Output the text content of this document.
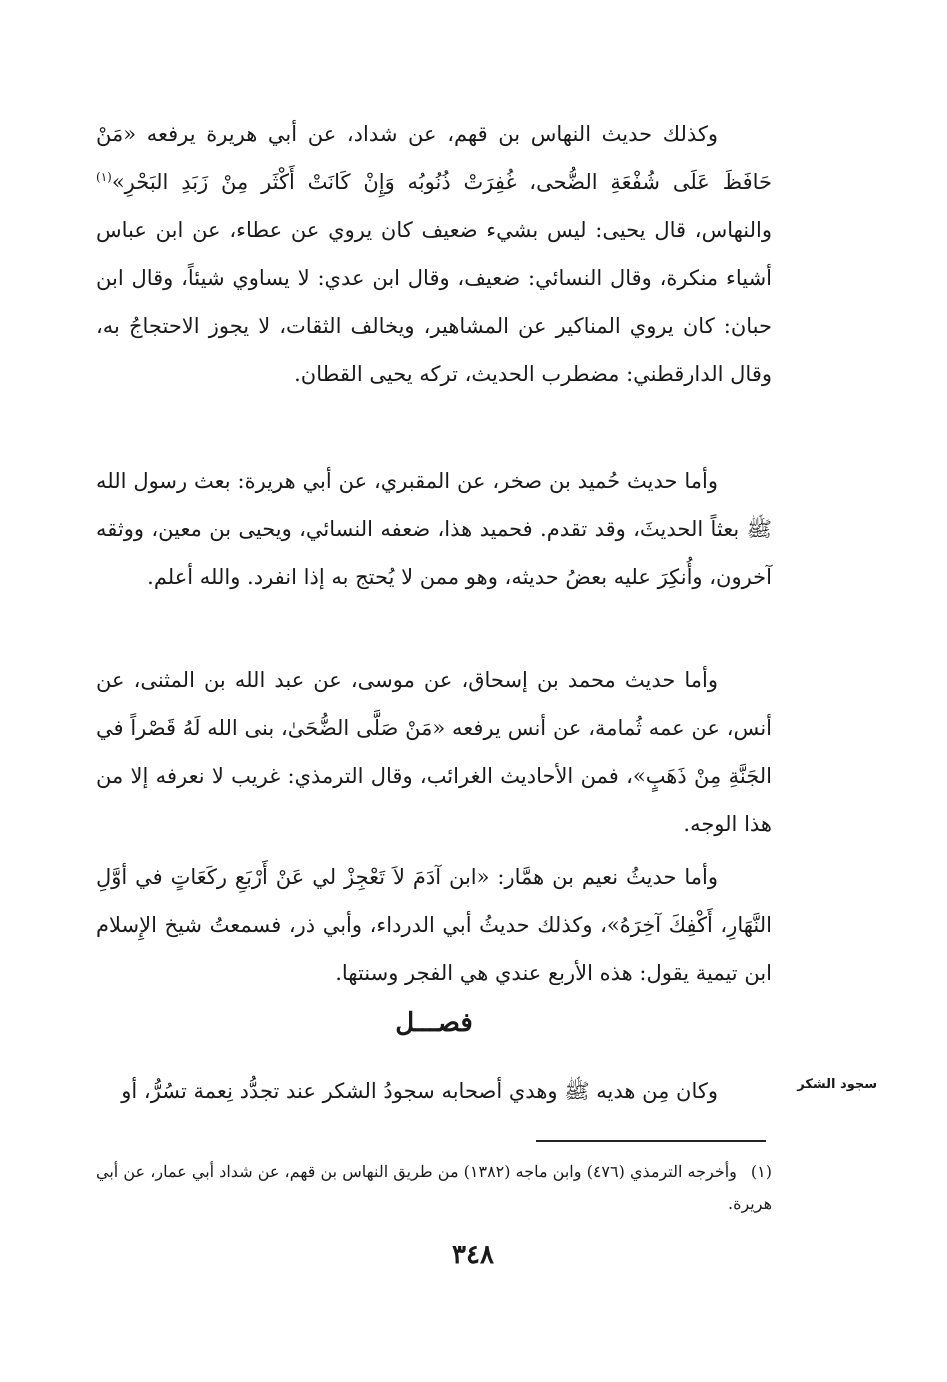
وكذلك حديث النهاس بن قهم، عن شداد، عن أبي هريرة يرفعه «مَنْ حَافَظَ عَلَى شُفْعَةِ الضُّحى، غُفِرَتْ ذُنُوبُه وَإِنْ كَانَتْ أَكْثَر مِنْ زَبَدِ البَحْرِ»$^{(١)}$ والنهاس، قال يحيى: ليس بشيء ضعيف كان يروي عن عطاء، عن ابن عباس أشياء منكرة، وقال النسائي: ضعيف، وقال ابن عدي: لا يساوي شيئاً، وقال ابن حبان: كان يروي المناكير عن المشاهير، ويخالف الثقات، لا يجوز الاحتجاجُ به، وقال الدارقطني: مضطرب الحديث، تركه يحيى القطان.

وأما حديث حُميد بن صخر، عن المقبري، عن أبي هريرة: بعث رسول الله ﷺ بعثاً الحديثَ، وقد تقدم. فحميد هذا، ضعفه النسائي، ويحيى بن معين، ووثقه آخرون، وأُنكِرَ عليه بعضُ حديثه، وهو ممن لا يُحتج به إذا انفرد. والله أعلم.

وأما حديث محمد بن إسحاق، عن موسى، عن عبد الله بن المثنى، عن أنس، عن عمه ثُمامة، عن أنس يرفعه «مَنْ صَلَّى الضُّحَىٰ، بنى الله لَهُ قَصْراً في الجَنَّةِ مِنْ ذَهَبٍ»، فمن الأحاديث الغرائب، وقال الترمذي: غريب لا نعرفه إلا من هذا الوجه.

وأما حديثُ نعيم بن همَّار: «ابن آدَمَ لاَ تَعْجِزْ لي عَنْ أَرْبَعِ ركَعَاتٍ في أوَّلِ النَّهَارِ، أَكْفِكَ آخِرَهُ»، وكذلك حديثُ أبي الدرداء، وأبي ذر، فسمعتُ شيخ الإِسلام ابن تيمية يقول: هذه الأربع عندي هي الفجر وسنتها.

فصـــل

وكان مِن هديه ﷺ وهدي أصحابه سجودُ الشكر عند تجدُّد نِعمة تسُرُّ، أو	سجود الشكر

(١)وأخرجه الترمذي (٤٧٦) وابن ماجه (١٣٨٢) من طريق النهاس بن قهم، عن شداد أبي عمار، عن أبي هريرة.

٣٤٨
